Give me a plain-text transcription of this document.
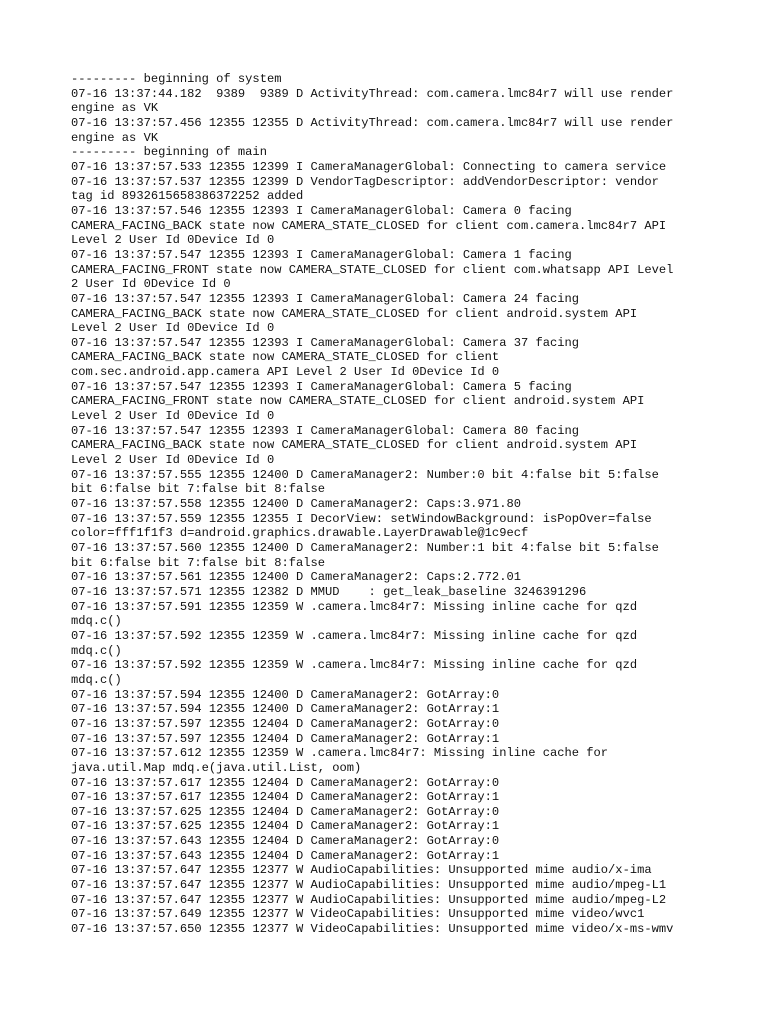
--------- beginning of system
07-16 13:37:44.182  9389  9389 D ActivityThread: com.camera.lmc84r7 will use render
engine as VK
07-16 13:37:57.456 12355 12355 D ActivityThread: com.camera.lmc84r7 will use render
engine as VK
--------- beginning of main
07-16 13:37:57.533 12355 12399 I CameraManagerGlobal: Connecting to camera service
07-16 13:37:57.537 12355 12399 D VendorTagDescriptor: addVendorDescriptor: vendor
tag id 8932615658386372252 added
07-16 13:37:57.546 12355 12393 I CameraManagerGlobal: Camera 0 facing
CAMERA_FACING_BACK state now CAMERA_STATE_CLOSED for client com.camera.lmc84r7 API
Level 2 User Id 0Device Id 0
07-16 13:37:57.547 12355 12393 I CameraManagerGlobal: Camera 1 facing
CAMERA_FACING_FRONT state now CAMERA_STATE_CLOSED for client com.whatsapp API Level
2 User Id 0Device Id 0
07-16 13:37:57.547 12355 12393 I CameraManagerGlobal: Camera 24 facing
CAMERA_FACING_BACK state now CAMERA_STATE_CLOSED for client android.system API
Level 2 User Id 0Device Id 0
07-16 13:37:57.547 12355 12393 I CameraManagerGlobal: Camera 37 facing
CAMERA_FACING_BACK state now CAMERA_STATE_CLOSED for client
com.sec.android.app.camera API Level 2 User Id 0Device Id 0
07-16 13:37:57.547 12355 12393 I CameraManagerGlobal: Camera 5 facing
CAMERA_FACING_FRONT state now CAMERA_STATE_CLOSED for client android.system API
Level 2 User Id 0Device Id 0
07-16 13:37:57.547 12355 12393 I CameraManagerGlobal: Camera 80 facing
CAMERA_FACING_BACK state now CAMERA_STATE_CLOSED for client android.system API
Level 2 User Id 0Device Id 0
07-16 13:37:57.555 12355 12400 D CameraManager2: Number:0 bit 4:false bit 5:false
bit 6:false bit 7:false bit 8:false
07-16 13:37:57.558 12355 12400 D CameraManager2: Caps:3.971.80
07-16 13:37:57.559 12355 12355 I DecorView: setWindowBackground: isPopOver=false
color=fff1f1f3 d=android.graphics.drawable.LayerDrawable@1c9ecf
07-16 13:37:57.560 12355 12400 D CameraManager2: Number:1 bit 4:false bit 5:false
bit 6:false bit 7:false bit 8:false
07-16 13:37:57.561 12355 12400 D CameraManager2: Caps:2.772.01
07-16 13:37:57.571 12355 12382 D MMUD    : get_leak_baseline 3246391296
07-16 13:37:57.591 12355 12359 W .camera.lmc84r7: Missing inline cache for qzd
mdq.c()
07-16 13:37:57.592 12355 12359 W .camera.lmc84r7: Missing inline cache for qzd
mdq.c()
07-16 13:37:57.592 12355 12359 W .camera.lmc84r7: Missing inline cache for qzd
mdq.c()
07-16 13:37:57.594 12355 12400 D CameraManager2: GotArray:0
07-16 13:37:57.594 12355 12400 D CameraManager2: GotArray:1
07-16 13:37:57.597 12355 12404 D CameraManager2: GotArray:0
07-16 13:37:57.597 12355 12404 D CameraManager2: GotArray:1
07-16 13:37:57.612 12355 12359 W .camera.lmc84r7: Missing inline cache for
java.util.Map mdq.e(java.util.List, oom)
07-16 13:37:57.617 12355 12404 D CameraManager2: GotArray:0
07-16 13:37:57.617 12355 12404 D CameraManager2: GotArray:1
07-16 13:37:57.625 12355 12404 D CameraManager2: GotArray:0
07-16 13:37:57.625 12355 12404 D CameraManager2: GotArray:1
07-16 13:37:57.643 12355 12404 D CameraManager2: GotArray:0
07-16 13:37:57.643 12355 12404 D CameraManager2: GotArray:1
07-16 13:37:57.647 12355 12377 W AudioCapabilities: Unsupported mime audio/x-ima
07-16 13:37:57.647 12355 12377 W AudioCapabilities: Unsupported mime audio/mpeg-L1
07-16 13:37:57.647 12355 12377 W AudioCapabilities: Unsupported mime audio/mpeg-L2
07-16 13:37:57.649 12355 12377 W VideoCapabilities: Unsupported mime video/wvc1
07-16 13:37:57.650 12355 12377 W VideoCapabilities: Unsupported mime video/x-ms-wmv
